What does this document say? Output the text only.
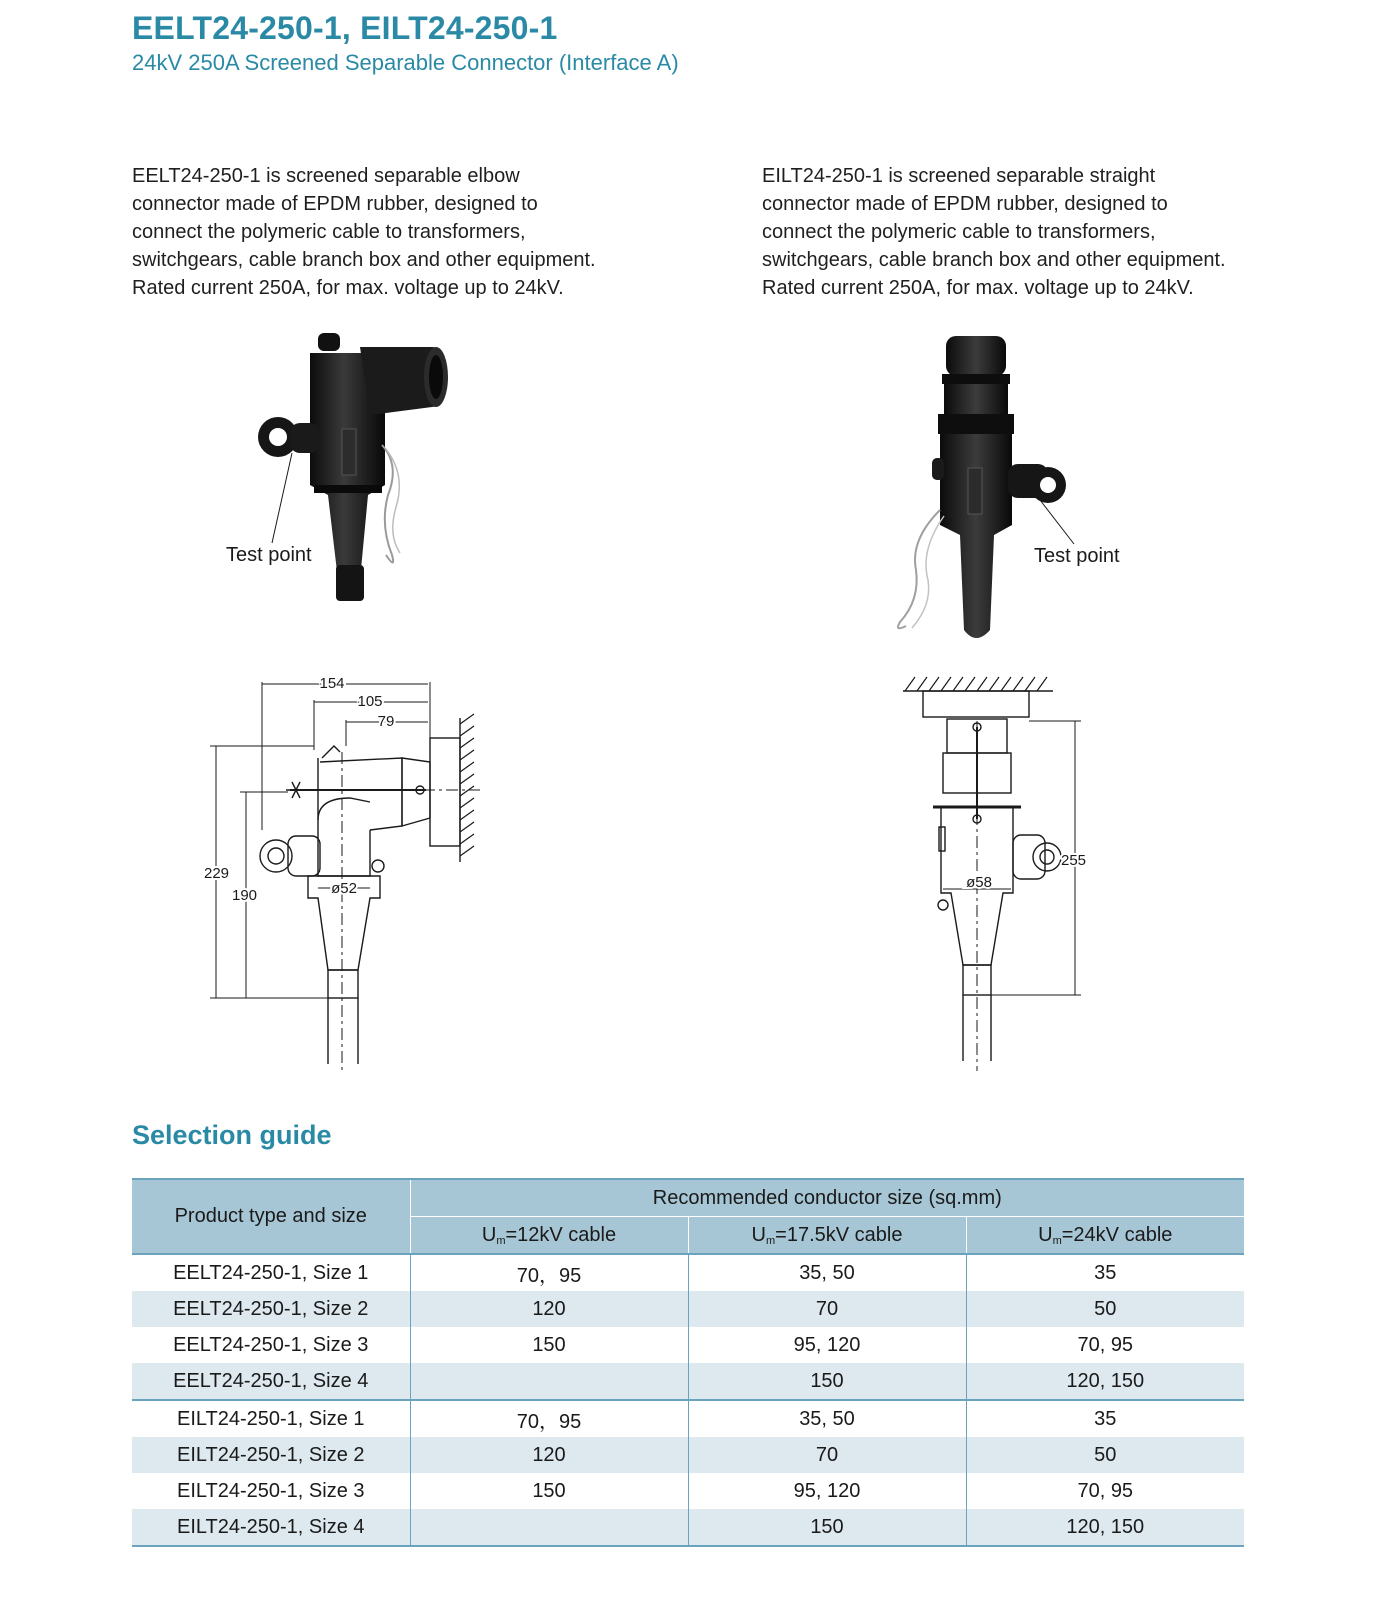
EELT24-250-1, EILT24-250-1
24kV 250A Screened Separable Connector (Interface A)
EELT24-250-1 is screened separable elbow
connector made of EPDM rubber, designed to
connect the polymeric cable to transformers,
switchgears, cable branch box and other equipment.
Rated current 250A, for max. voltage up to 24kV.
EILT24-250-1 is screened separable straight
connector made of EPDM rubber, designed to
connect the polymeric cable to transformers,
switchgears, cable branch box and other equipment.
Rated current 250A, for max. voltage up to 24kV.
Test point	Test point
154
105
79
229
190	ø52
255
ø58
Selection guide
Product type and size	Recommended conductor size (sq.mm)		
	$U_m=12kV$ cable	$U_m=17.5kV$ cable	$U_m=24kV$ cable
EELT24-250-1, Size 1	70，95	35, 50	35
EELT24-250-1, Size 2	120	70	50
EELT24-250-1, Size 3	150	95, 120	70, 95
EELT24-250-1, Size 4		150	120, 150
EILT24-250-1, Size 1	70，95	35, 50	35
EILT24-250-1, Size 2	120	70	50
EILT24-250-1, Size 3	150	95, 120	70, 95
EILT24-250-1, Size 4		150	120, 150
